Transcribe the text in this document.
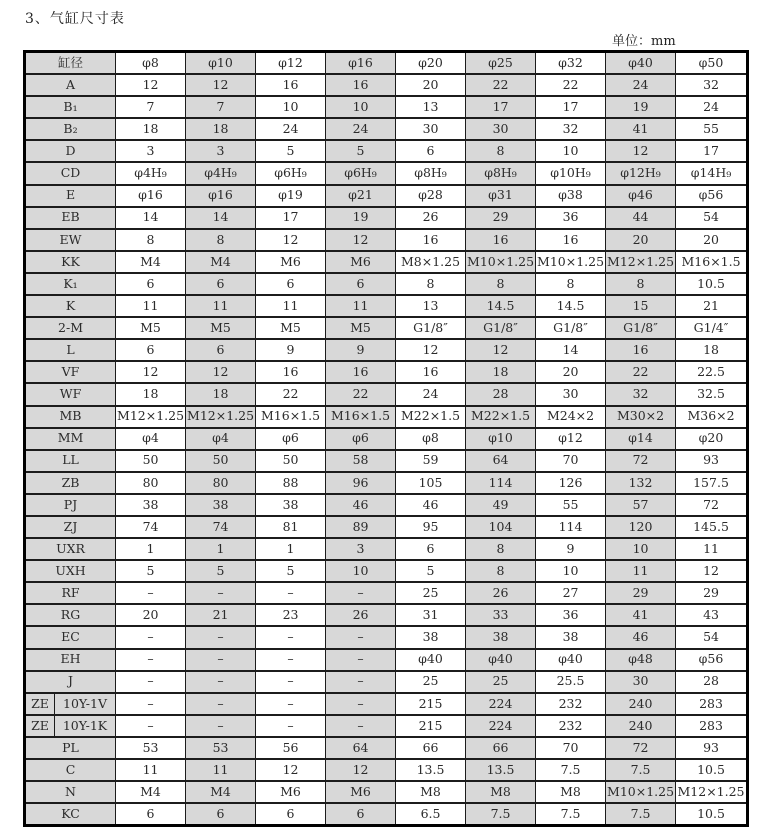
3、气缸尺寸表
单位：mm
缸径		φ8	φ10	φ12	φ16	φ20	φ25	φ32	φ40	φ50
A		12	12	16	16	20	22	22	24	32
B₁		7	7	10	10	13	17	17	19	24
B₂		18	18	24	24	30	30	32	41	55
D		3	3	5	5	6	8	10	12	17
CD		φ4H₉	φ4H₉	φ6H₉	φ6H₉	φ8H₉	φ8H₉	φ10H₉	φ12H₉	φ14H₉
E		φ16	φ16	φ19	φ21	φ28	φ31	φ38	φ46	φ56
EB		14	14	17	19	26	29	36	44	54
EW		8	8	12	12	16	16	16	20	20
KK		M4	M4	M6	M6	M8×1.25	M10×1.25	M10×1.25	M12×1.25	M16×1.5
K₁		6	6	6	6	8	8	8	8	10.5
K		11	11	11	11	13	14.5	14.5	15	21
2-M		M5	M5	M5	M5	G1/8″	G1/8″	G1/8″	G1/8″	G1/4″
L		6	6	9	9	12	12	14	16	18
VF		12	12	16	16	16	18	20	22	22.5
WF		18	18	22	22	24	28	30	32	32.5
MB		M12×1.25	M12×1.25	M16×1.5	M16×1.5	M22×1.5	M22×1.5	M24×2	M30×2	M36×2
MM		φ4	φ4	φ6	φ6	φ8	φ10	φ12	φ14	φ20
LL		50	50	50	58	59	64	70	72	93
ZB		80	80	88	96	105	114	126	132	157.5
PJ		38	38	38	46	46	49	55	57	72
ZJ		74	74	81	89	95	104	114	120	145.5
UXR		1	1	1	3	6	8	9	10	11
UXH		5	5	5	10	5	8	10	11	12
RF		–	–	–	–	25	26	27	29	29
RG		20	21	23	26	31	33	36	41	43
EC		–	–	–	–	38	38	38	46	54
EH		–	–	–	–	φ40	φ40	φ40	φ48	φ56
J		–	–	–	–	25	25	25.5	30	28
ZE	10Y-1V	–	–	–	–	215	224	232	240	283
ZE	10Y-1K	–	–	–	–	215	224	232	240	283
PL		53	53	56	64	66	66	70	72	93
C		11	11	12	12	13.5	13.5	7.5	7.5	10.5
N		M4	M4	M6	M6	M8	M8	M8	M10×1.25	M12×1.25
KC		6	6	6	6	6.5	7.5	7.5	7.5	10.5
